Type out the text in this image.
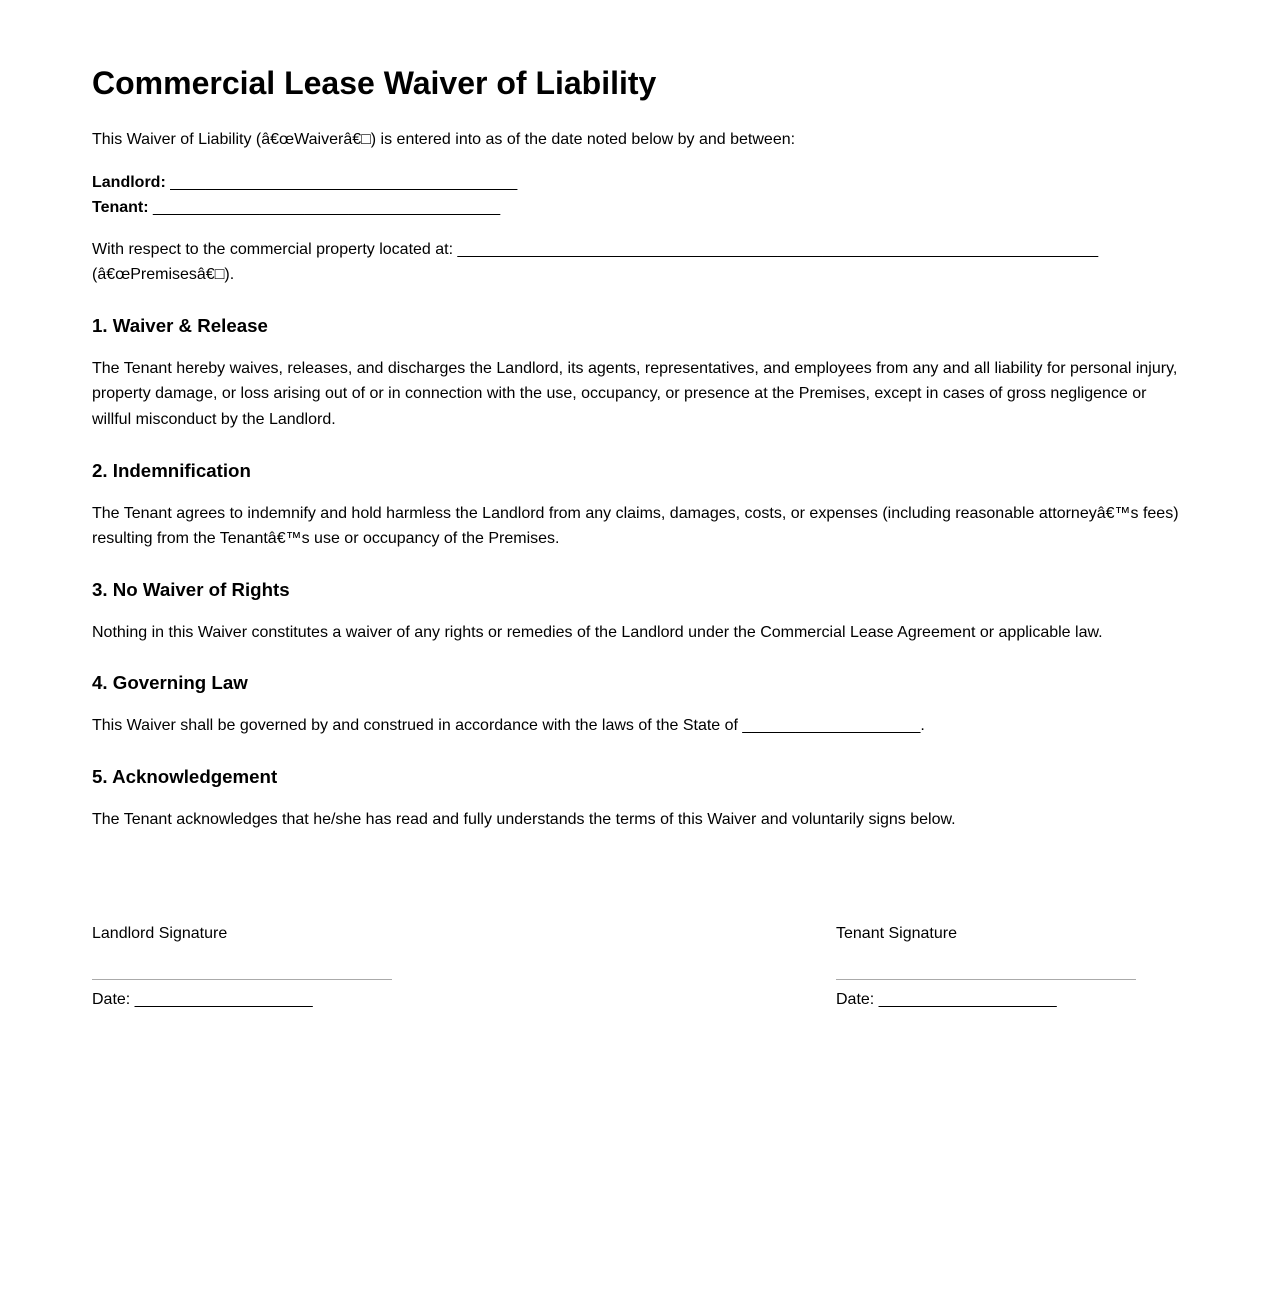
Commercial Lease Waiver of Liability

This Waiver of Liability (â€œWaiverâ€□) is entered into as of the date noted below by and between:

Landlord: _______________________________________
Tenant: _______________________________________

With respect to the commercial property located at: ________________________________________________________________________
(â€œPremisesâ€□).

1. Waiver & Release

The Tenant hereby waives, releases, and discharges the Landlord, its agents, representatives, and employees from any and all liability for personal injury, property damage, or loss arising out of or in connection with the use, occupancy, or presence at the Premises, except in cases of gross negligence or willful misconduct by the Landlord.

2. Indemnification

The Tenant agrees to indemnify and hold harmless the Landlord from any claims, damages, costs, or expenses (including reasonable attorneyâ€™s fees) resulting from the Tenantâ€™s use or occupancy of the Premises.

3. No Waiver of Rights

Nothing in this Waiver constitutes a waiver of any rights or remedies of the Landlord under the Commercial Lease Agreement or applicable law.

4. Governing Law

This Waiver shall be governed by and construed in accordance with the laws of the State of ____________________.

5. Acknowledgement

The Tenant acknowledges that he/she has read and fully understands the terms of this Waiver and voluntarily signs below.

Landlord Signature
Date: ____________________
Tenant Signature
Date: ____________________
